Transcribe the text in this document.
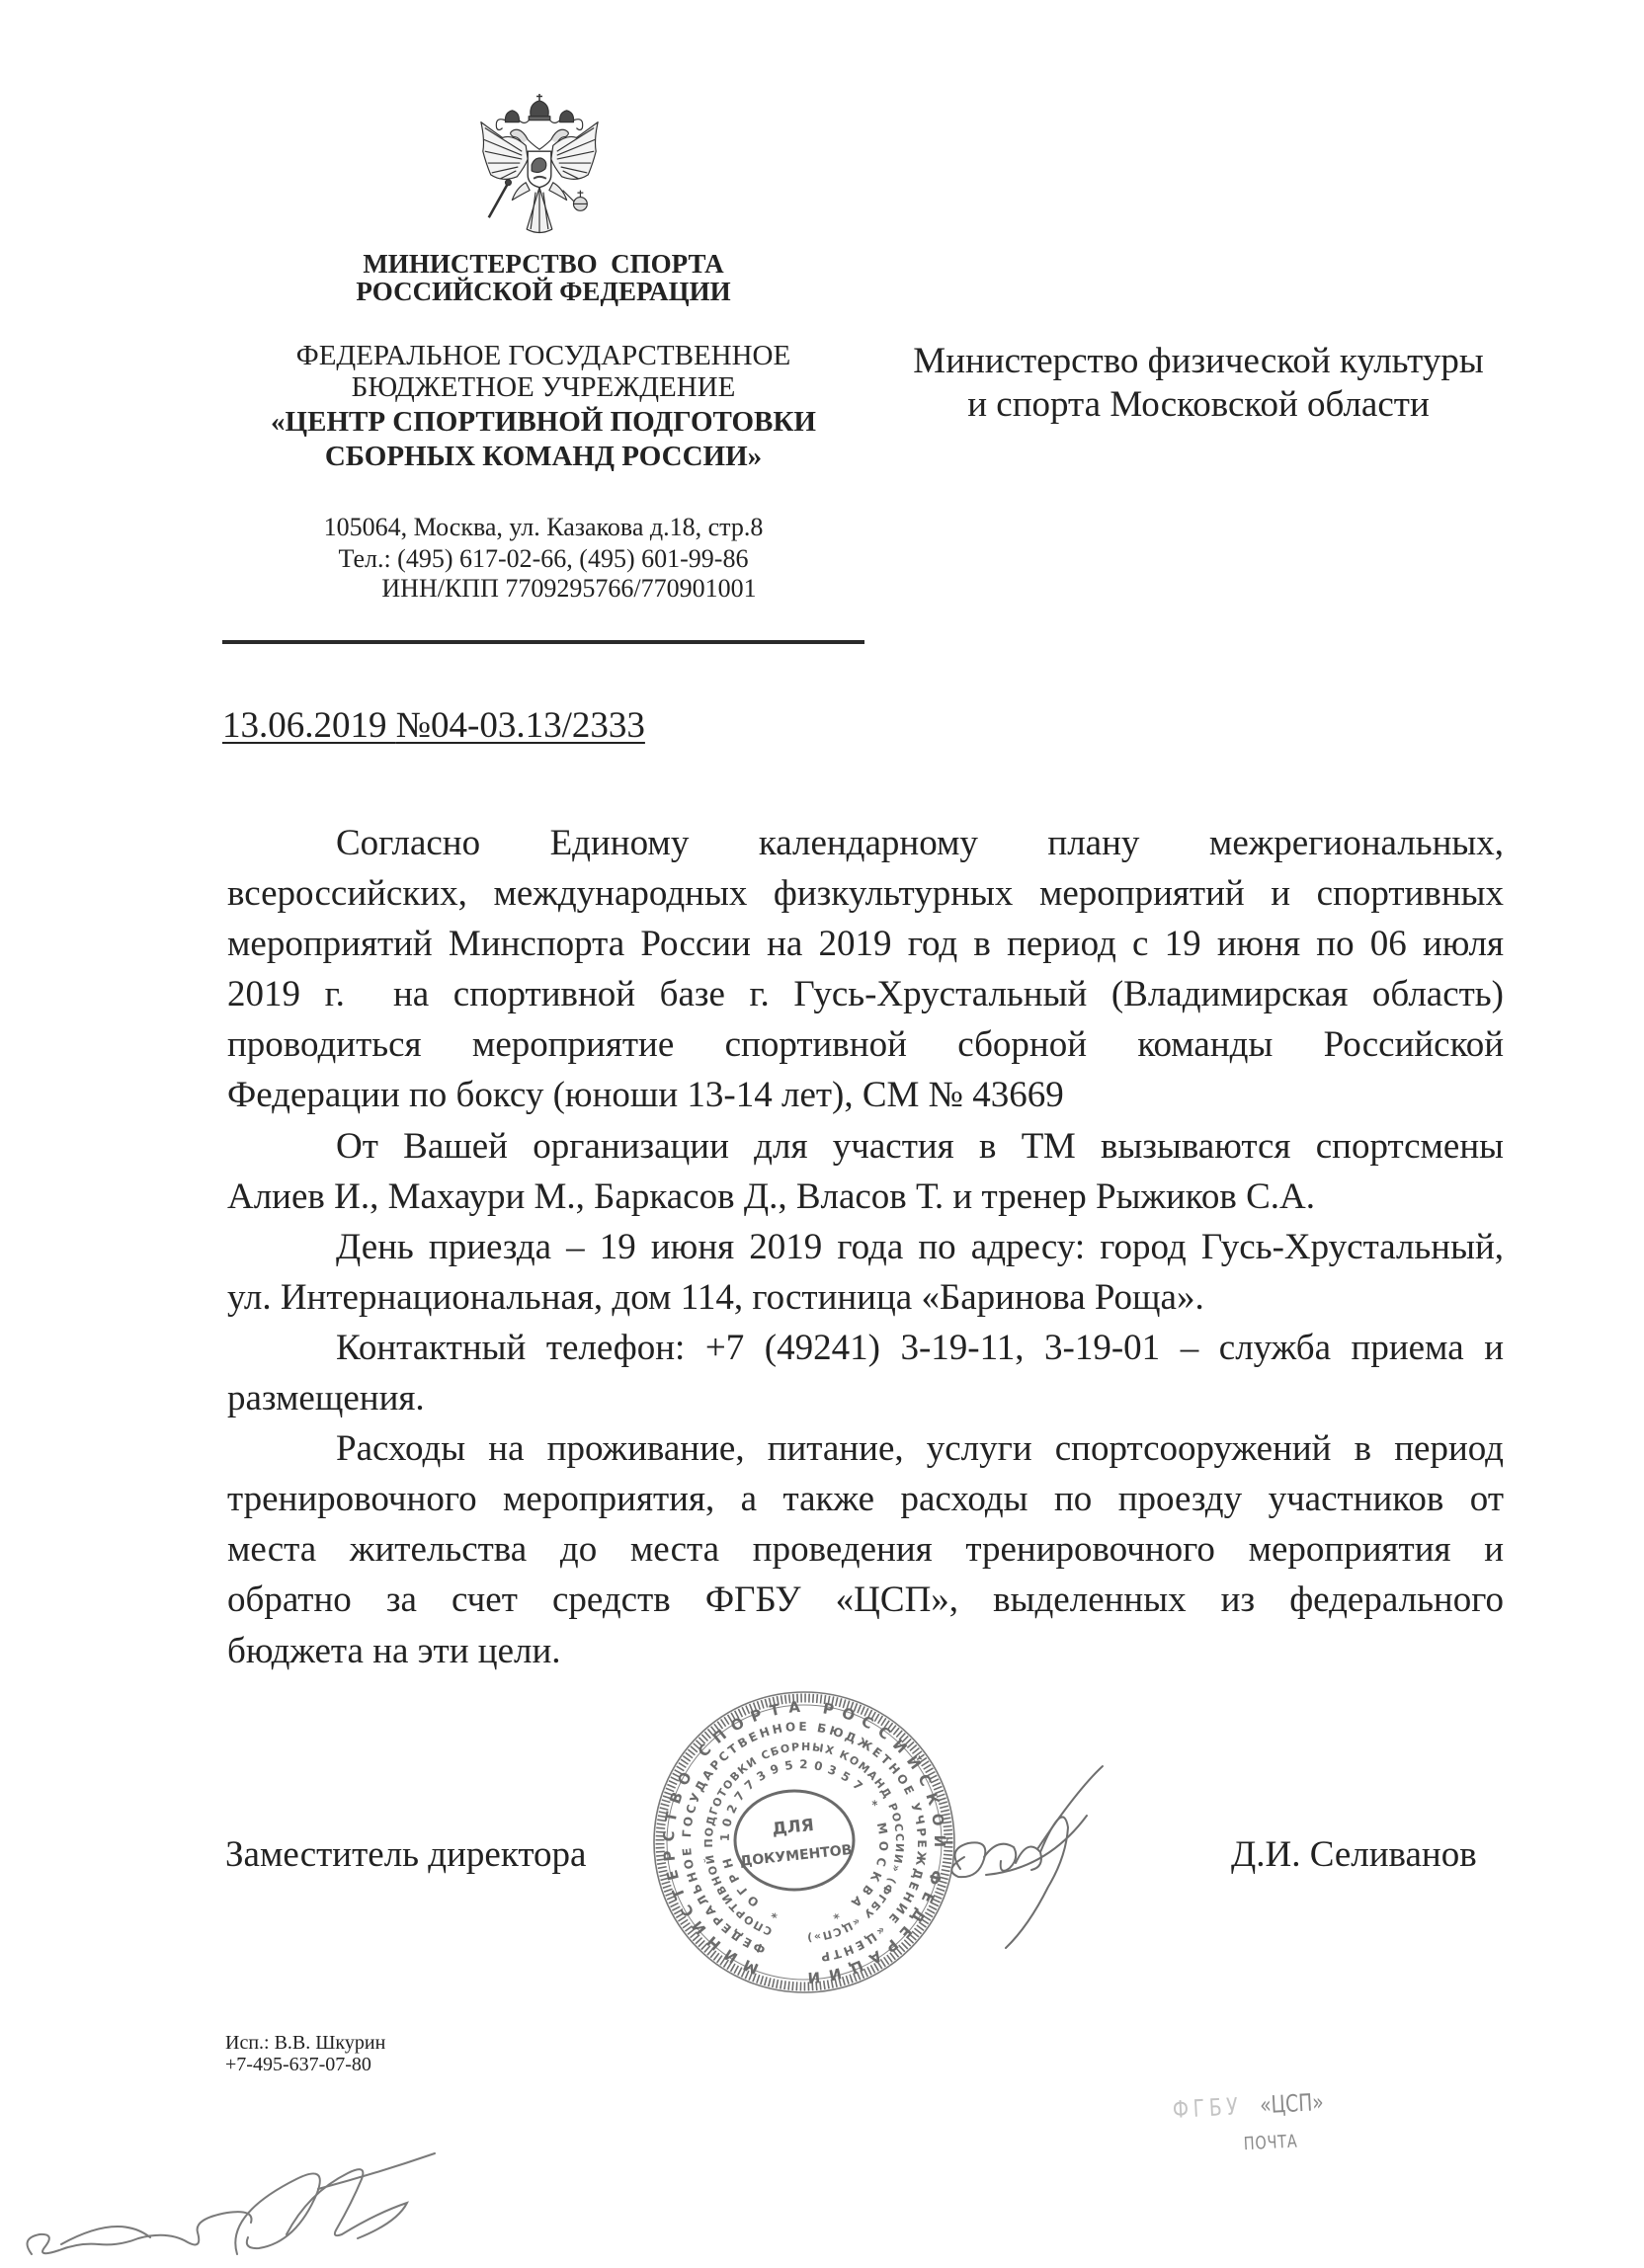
МИНИСТЕРСТВО  СПОРТА
РОССИЙСКОЙ ФЕДЕРАЦИИ
ФЕДЕРАЛЬНОЕ ГОСУДАРСТВЕННОЕ
БЮДЖЕТНОЕ УЧРЕЖДЕНИЕ
«ЦЕНТР СПОРТИВНОЙ ПОДГОТОВКИ
СБОРНЫХ КОМАНД РОССИИ»
105064, Москва, ул. Казакова д.18, стр.8
Тел.: (495) 617-02-66, (495) 601-99-86
ИНН/КПП 7709295766/770901001
Министерство физической культуры
и спорта Московской области
13.06.2019 №04-03.13/2333
Согласно Единому календарному плану межрегиональных,
всероссийских, международных физкультурных мероприятий и спортивных
мероприятий Минспорта России на 2019 год в период с 19 июня по 06 июля
2019 г.  на спортивной базе г. Гусь-Хрустальный (Владимирская область)
проводиться мероприятие спортивной сборной команды Российской
Федерации по боксу (юноши 13-14 лет), СМ № 43669
От Вашей организации для участия в ТМ вызываются спортсмены
Алиев И., Махаури М., Баркасов Д., Власов Т. и тренер Рыжиков С.А.
День приезда – 19 июня 2019 года по адресу: город Гусь-Хрустальный,
ул. Интернациональная, дом 114, гостиница «Баринова Роща».
Контактный телефон: +7 (49241) 3-19-11, 3-19-01 – служба приема и
размещения.
Расходы на проживание, питание, услуги спортсооружений в период
тренировочного мероприятия, а также расходы по проезду участников от
места жительства до места проведения тренировочного мероприятия и
обратно за счет средств ФГБУ «ЦСП», выделенных из федерального
бюджета на эти цели.
Заместитель директора	Д.И. Селиванов
МИНИСТЕРСТВО СПОРТА РОССИЙСКОЙ ФЕДЕРАЦИИ
ФЕДЕРАЛЬНОЕ ГОСУДАРСТВЕННОЕ БЮДЖЕТНОЕ УЧРЕЖДЕНИЕ «ЦЕНТР
СПОРТИВНОЙ ПОДГОТОВКИ СБОРНЫХ КОМАНД РОССИИ» (ФГБУ «ЦСП»)
* ОГРН 1027739520357 * МОСКВА *
ДЛЯ
ДОКУМЕНТОВ
Исп.: В.В. Шкурин
+7-495-637-07-80
ФГБУ «ЦСП»
ПОЧТА
